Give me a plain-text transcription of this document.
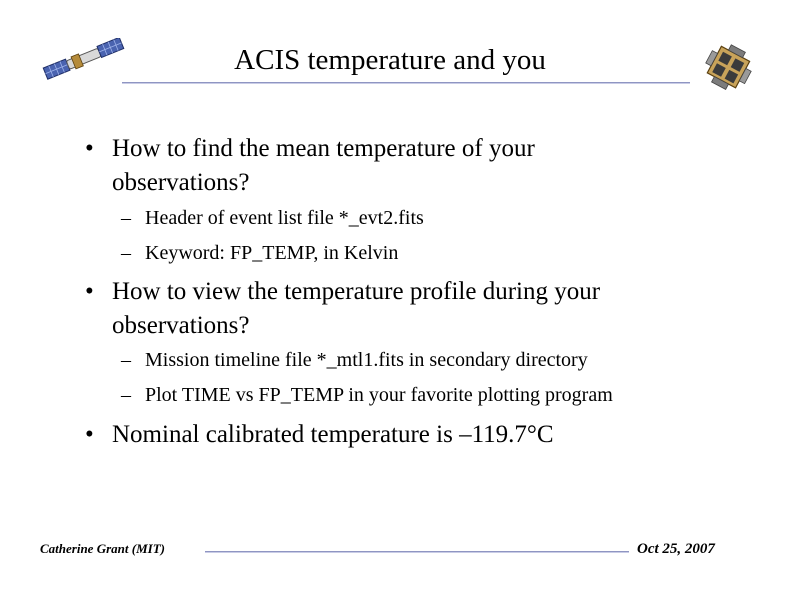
ACIS temperature and you
• How to find the mean temperature of your
observations?
– Header of event list file *_evt2.fits
– Keyword: FP_TEMP, in Kelvin
• How to view the temperature profile during your
observations?
– Mission timeline file *_mtl1.fits in secondary directory
– Plot TIME vs FP_TEMP in your favorite plotting program
• Nominal calibrated temperature is –119.7°C
Catherine Grant (MIT)	Oct 25, 2007
